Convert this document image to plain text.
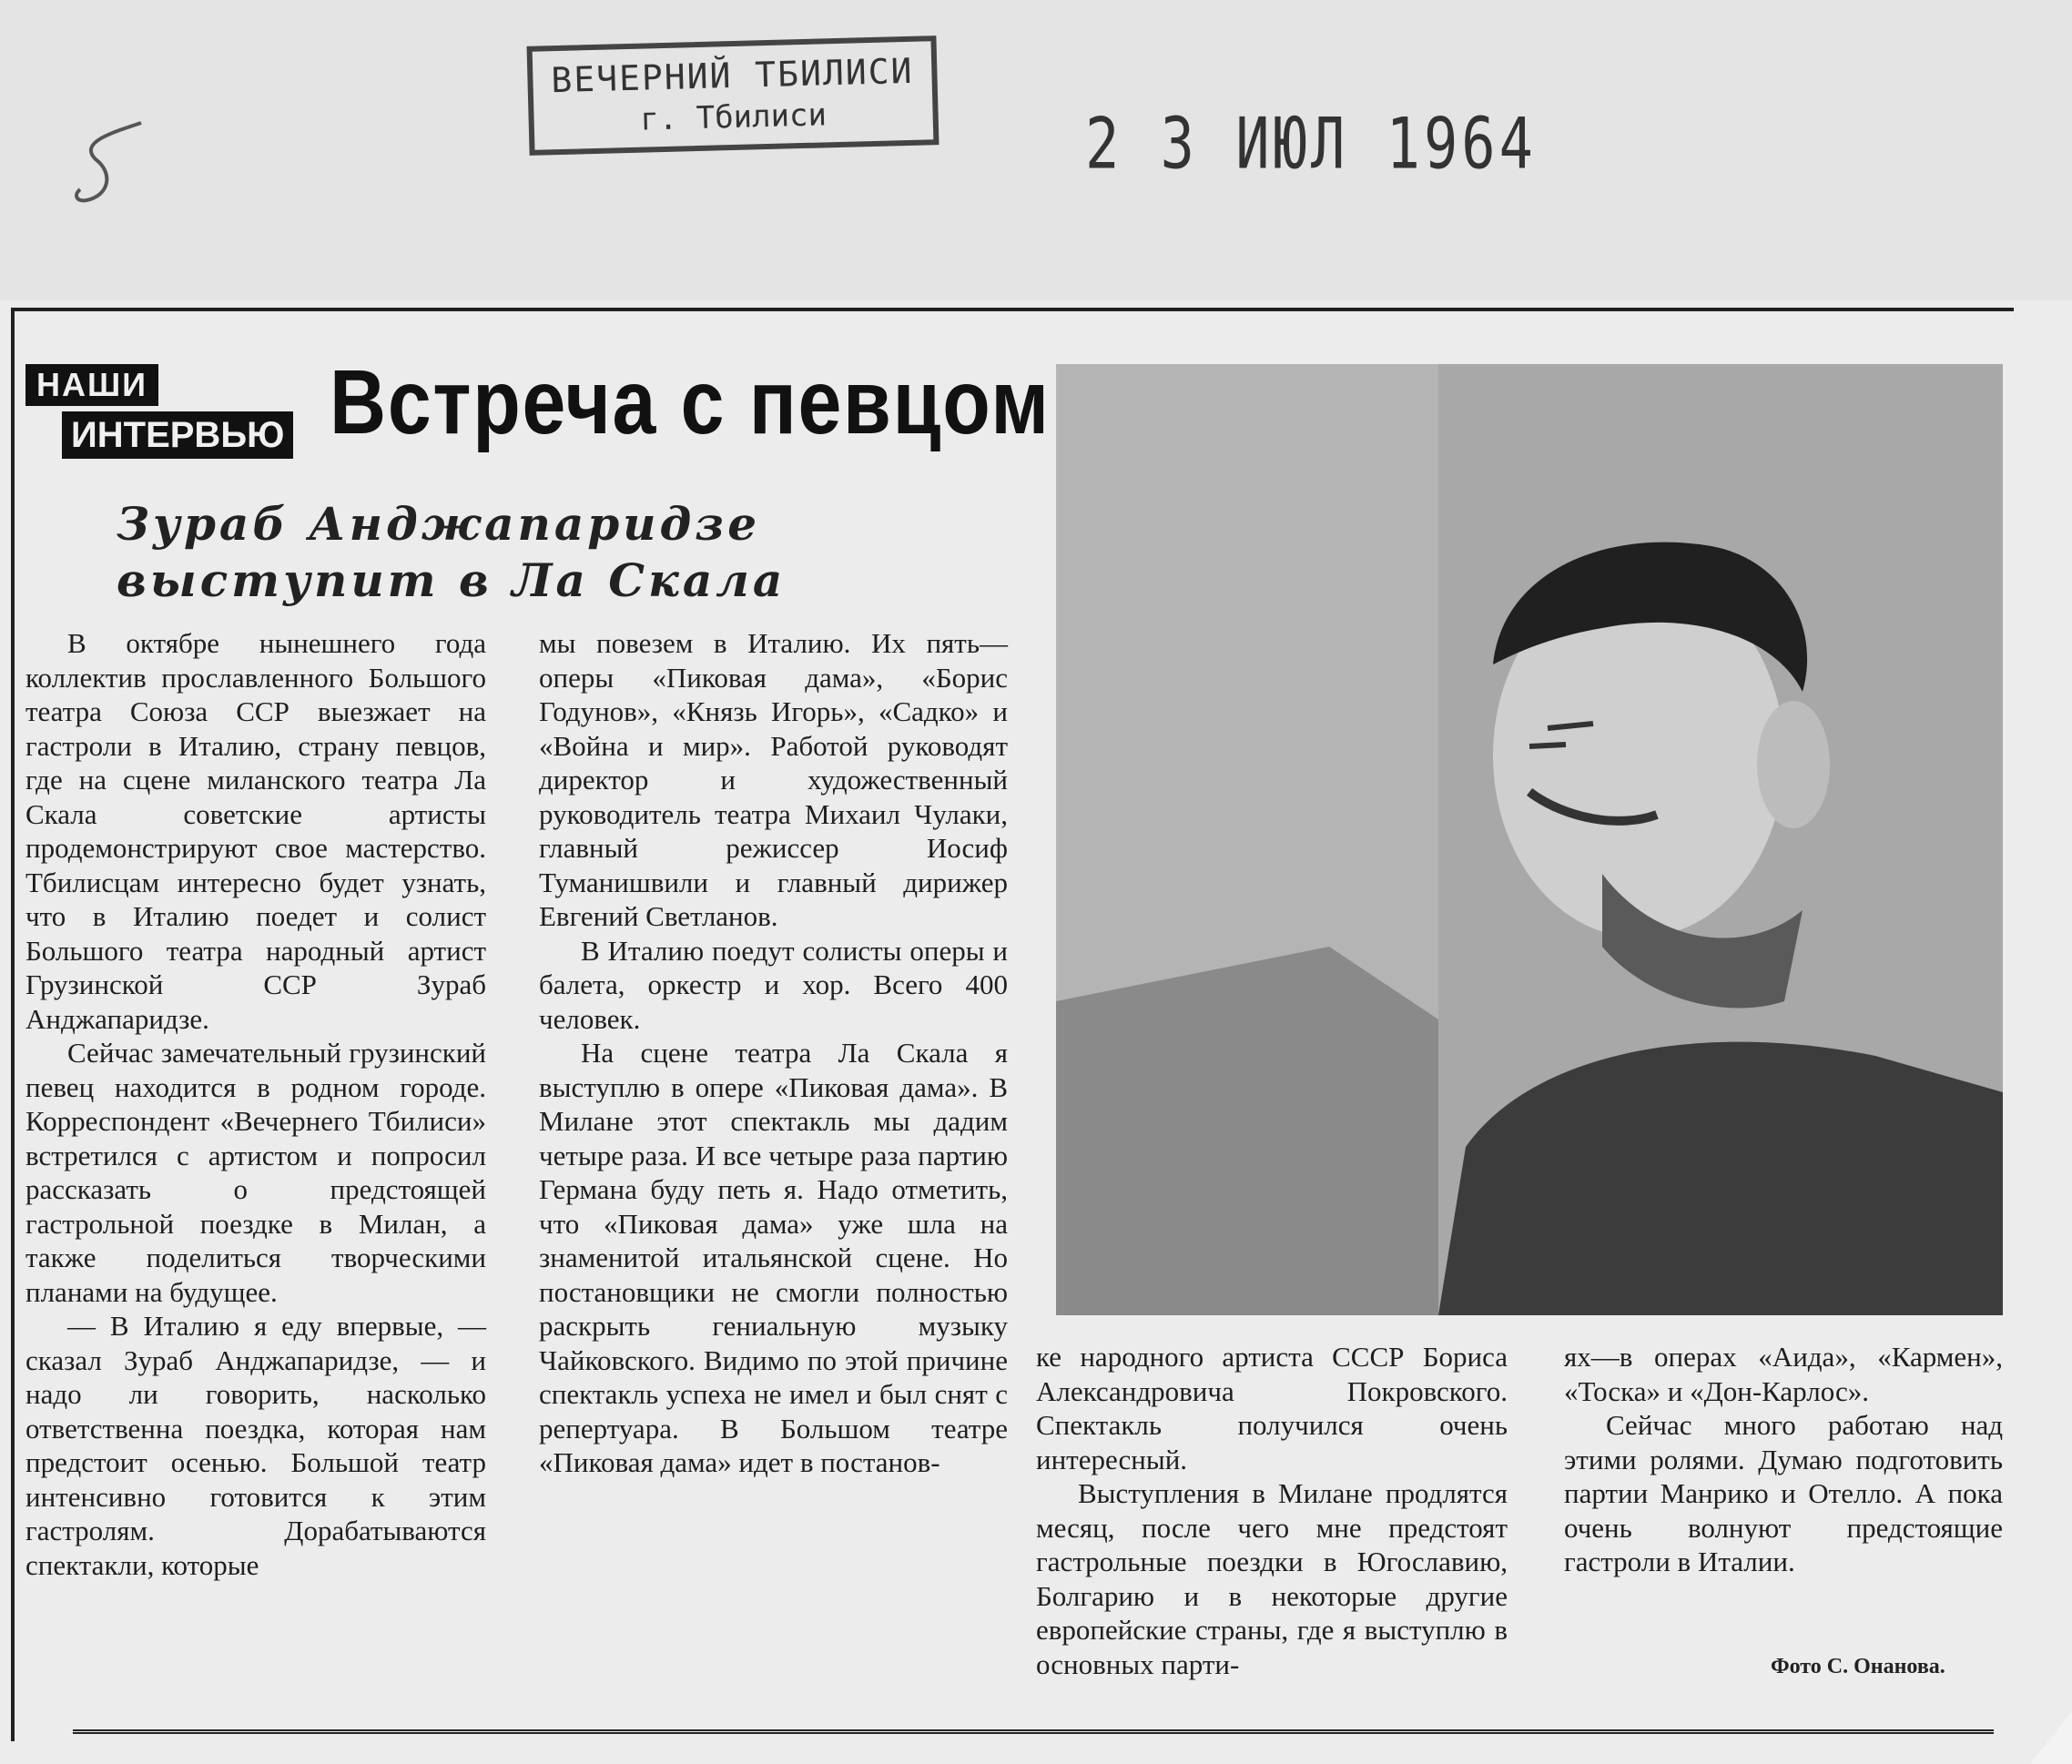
ВЕЧЕРНИЙ ТБИЛИСИ
г. Тбилиси	2 3 ИЮЛ 1964
НАШИ
ИНТЕРВЬЮ Встреча с певцом
Зураб Анджапаридзе
выступит в Ла Скала

В октябре нынешнего года коллектив прославленного Большого театра Союза ССР выезжает на гастроли в Италию, страну певцов, где на сцене миланского театра Ла Скала советские артисты продемонстрируют свое мастерство. Тбилисцам интересно будет узнать, что в Италию поедет и солист Большого театра народный артист Грузинской ССР Зураб Анджапаридзе.

Сейчас замечательный грузинский певец находится в родном городе. Корреспондент «Вечернего Тбилиси» встретился с артистом и попросил рассказать о предстоящей гастрольной поездке в Милан, а также поделиться творческими планами на будущее.

— В Италию я еду впервые, —сказал Зураб Анджапаридзе, — и надо ли говорить, насколько ответственна поездка, которая нам предстоит осенью. Большой театр интенсивно готовится к этим гастролям. Дорабатываются спектакли, которые

мы повезем в Италию. Их пять—оперы «Пиковая дама», «Борис Годунов», «Князь Игорь», «Садко» и «Война и мир». Работой руководят директор и художественный руководитель театра Михаил Чулаки, главный режиссер Иосиф Туманишвили и главный дирижер Евгений Светланов.

В Италию поедут солисты оперы и балета, оркестр и хор. Всего 400 человек.

На сцене театра Ла Скала я выступлю в опере «Пиковая дама». В Милане этот спектакль мы дадим четыре раза. И все четыре раза партию Германа буду петь я. Надо отметить, что «Пиковая дама» уже шла на знаменитой итальянской сцене. Но постановщики не смогли полностью раскрыть гениальную музыку Чайковского. Видимо по этой причине спектакль успеха не имел и был снят с репертуара. В Большом театре «Пиковая дама» идет в постанов-

ке народного артиста СССР Бориса Александровича Покровского. Спектакль получился очень интересный.

Выступления в Милане продлятся месяц, после чего мне предстоят гастрольные поездки в Югославию, Болгарию и в некоторые другие европейские страны, где я выступлю в основных парти-

ях—в операх «Аида», «Кармен», «Тоска» и «Дон-Карлос».

Сейчас много работаю над этими ролями. Думаю подготовить партии Манрико и Отелло. А пока очень волнуют предстоящие гастроли в Италии.

Фото С. Онанова.
